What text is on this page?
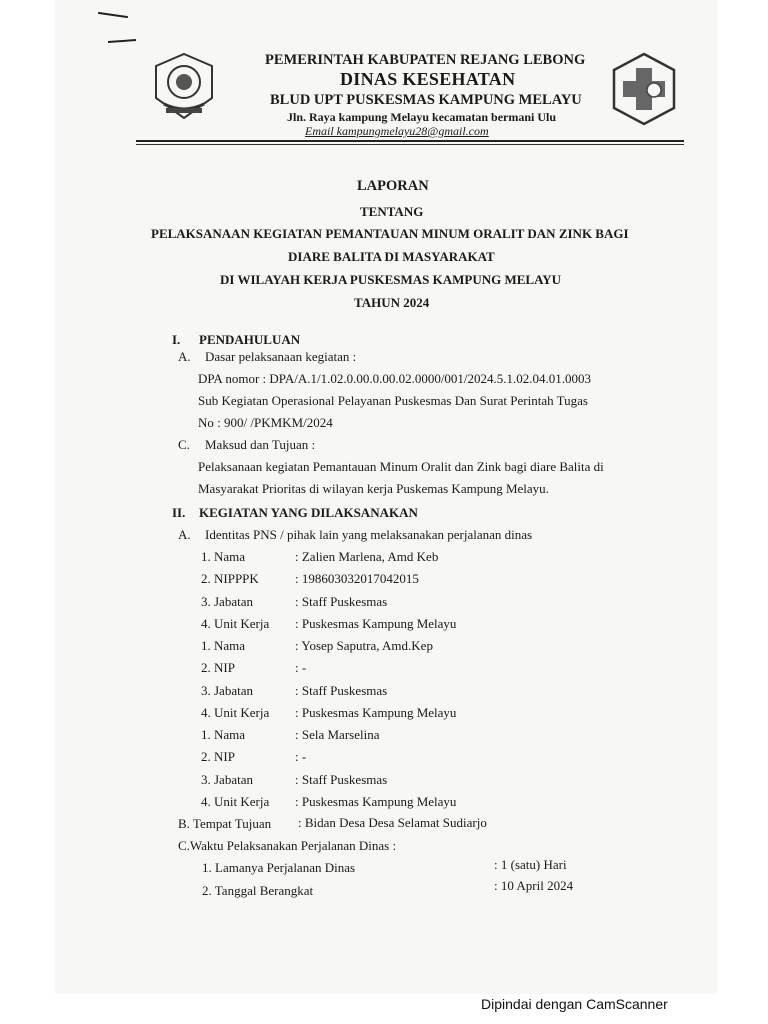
PEMERINTAH KABUPATEN REJANG LEBONG
DINAS KESEHATAN
BLUD UPT PUSKESMAS KAMPUNG MELAYU
Jln. Raya kampung Melayu kecamatan bermani Ulu
Email kampungmelayu28@gmail.com
LAPORAN
TENTANG
PELAKSANAAN KEGIATAN PEMANTAUAN MINUM ORALIT DAN ZINK BAGI
DIARE BALITA DI MASYARAKAT
DI WILAYAH KERJA PUSKESMAS KAMPUNG MELAYU
TAHUN 2024
I. PENDAHULUAN
A. Dasar pelaksanaan kegiatan :
DPA nomor : DPA/A.1/1.02.0.00.0.00.02.0000/001/2024.5.1.02.04.01.0003
Sub Kegiatan Operasional Pelayanan Puskesmas Dan Surat Perintah Tugas
No : 900/ /PKMKM/2024
C. Maksud dan Tujuan :
Pelaksanaan kegiatan Pemantauan Minum Oralit dan Zink bagi diare Balita di
Masyarakat Prioritas di wilayan kerja Puskemas Kampung Melayu.
II. KEGIATAN YANG DILAKSANAKAN
A. Identitas PNS / pihak lain yang melaksanakan perjalanan dinas
1. Nama	: Zalien Marlena, Amd Keb
2. NIPPPK	: 198603032017042015
3. Jabatan	: Staff Puskesmas
4. Unit Kerja : Puskesmas Kampung Melayu
1. Nama	: Yosep Saputra, Amd.Kep
2. NIP	: -
3. Jabatan	: Staff Puskesmas
4. Unit Kerja : Puskesmas Kampung Melayu
1. Nama	: Sela Marselina
2. NIP	: -
3. Jabatan	: Staff Puskesmas
4. Unit Kerja : Puskesmas Kampung Melayu
B. Tempat Tujuan : Bidan Desa Desa Selamat Sudiarjo
C.Waktu Pelaksanakan Perjalanan Dinas :
1. Lamanya Perjalanan Dinas	: 1 (satu) Hari
2. Tanggal Berangkat	: 10 April 2024
Dipindai dengan CamScanner
